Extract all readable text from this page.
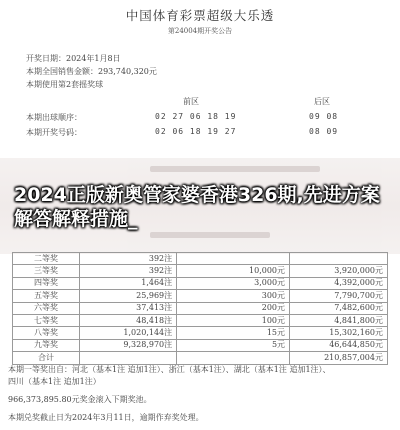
中国体育彩票超级大乐透
第24004期开奖公告
开奖日期：2024年1月8日
本期全国销售金额：293,740,320元
本期使用第2套摇奖球
前区	后区
本期出球顺序：	02 27 06 18 19	09 08
本期开奖号码：	02 06 18 19 27	08 09
2024正版新奥管家婆香港326期,先进方案解答解释措施_
二等奖	392注		
三等奖	392注	10,000元	3,920,000元
四等奖	1,464注	3,000元	4,392,000元
五等奖	25,969注	300元	7,790,700元
六等奖	37,413注	200元	7,482,600元
七等奖	48,418注	100元	4,841,800元
八等奖	1,020,144注	15元	15,302,160元
九等奖	9,328,970注	5元	46,644,850元
合计			210,857,004元
本期一等奖出自：河北（基本1注 追加1注）、浙江（基本1注）、湖北（基本1注 追加1注）、
四川（基本1注 追加1注）
966,373,895.80元奖金滚入下期奖池。
本期兑奖截止日为2024年3月11日，逾期作弃奖处理。
